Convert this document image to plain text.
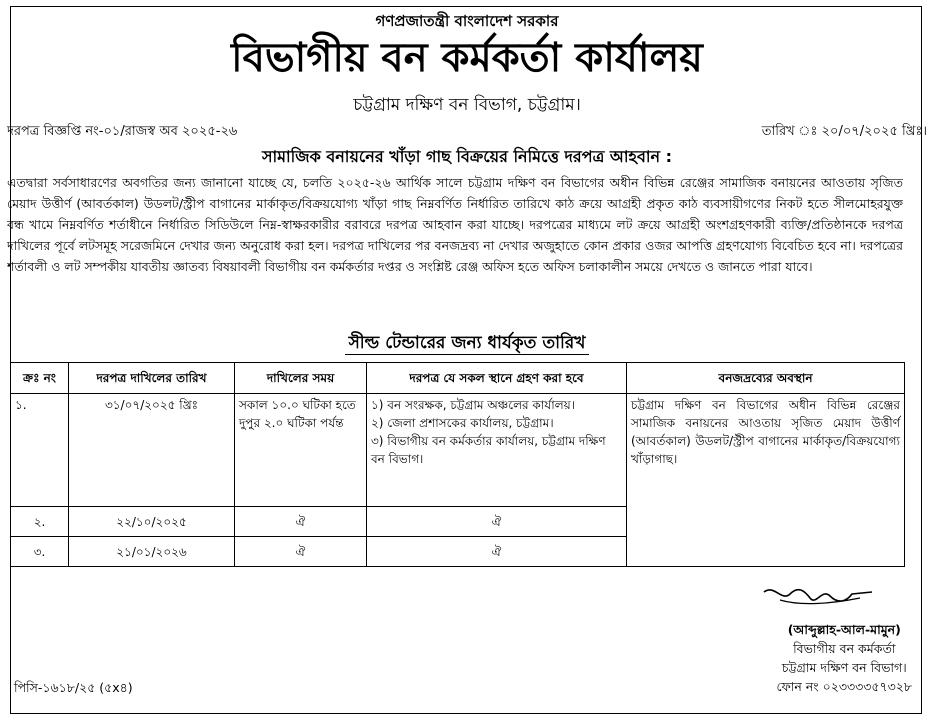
গণপ্রজাতন্ত্রী বাংলাদেশ সরকার
বিভাগীয় বন কর্মকর্তা কার্যালয়
চট্টগ্রাম দক্ষিণ বন বিভাগ, চট্টগ্রাম।
দরপত্র বিজ্ঞপ্তি নং-০১/রাজস্ব অব ২০২৫-২৬	তারিখ ঃ ২০/০৭/২০২৫ খ্রিঃ।
সামাজিক বনায়নের খাঁড়া গাছ বিক্রয়ের নিমিত্তে দরপত্র আহবান :
এতদ্বারা সর্বসাধারণের অবগতির জন্য জানানো যাচ্ছে যে, চলতি ২০২৫-২৬ আর্থিক সালে চট্টগ্রাম দক্ষিণ বন বিভাগের অধীন বিভিন্ন রেঞ্জের সামাজিক বনায়নের আওতায় সৃজিত মেয়াদ উত্তীর্ণ (আবর্তকাল) উডলট/স্ট্রীপ বাগানের মার্কাকৃত/বিক্রয়যোগ্য খাঁড়া গাছ নিম্নবর্ণিত নির্ধারিত তারিখে কাঠ ক্রয়ে আগ্রহী প্রকৃত কাঠ ব্যবসায়ীগণের নিকট হতে সীলমোহরযুক্ত বন্ধ খামে নিম্নবর্ণিত শর্তাধীনে নির্ধারিত সিডিউলে নিম্ন-স্বাক্ষরকারীর বরাবরে দরপত্র আহবান করা যাচ্ছে। দরপত্রের মাধ্যমে লট ক্রয়ে আগ্রহী অংশগ্রহণকারী ব্যক্তি/প্রতিষ্ঠানকে দরপত্র দাখিলের পূর্বে লটসমূহ সরেজমিনে দেখার জন্য অনুরোধ করা হল। দরপত্র দাখিলের পর বনজদ্রব্য না দেখার অজুহাতে কোন প্রকার ওজর আপত্তি গ্রহণযোগ্য বিবেচিত হবে না। দরপত্রের শর্তাবলী ও লট সম্পকীয় যাবতীয় জ্ঞাতব্য বিষয়াবলী বিভাগীয় বন কর্মকর্তার দপ্তর ও সংশ্লিষ্ট রেঞ্জ অফিস হতে অফিস চলাকালীন সময়ে দেখতে ও জানতে পারা যাবে।
সীল্ড টেন্ডারের জন্য ধার্যকৃত তারিখ
ক্রঃ নং	দরপত্র দাখিলের তারিখ	দাখিলের সময়	দরপত্র যে সকল স্থানে গ্রহণ করা হবে	বনজদ্রব্যের অবস্থান
১.	৩১/০৭/২০২৫ খ্রিঃ	সকাল ১০.০ ঘটিকা হতে দুপুর ২.০ ঘটিকা পর্যন্ত	১) বন সংরক্ষক, চট্টগ্রাম অঞ্চলের কার্যালয়।
২) জেলা প্রশাসকের কার্যালয়, চট্টগ্রাম।
৩) বিভাগীয় বন কর্মকর্তার কার্যালয়, চট্টগ্রাম দক্ষিণ বন বিভাগ।	চট্টগ্রাম দক্ষিণ বন বিভাগের অধীন বিভিন্ন রেঞ্জের সামাজিক বনায়নের আওতায় সৃজিত মেয়াদ উত্তীর্ণ (আবর্তকাল) উডলট/স্ট্রীপ বাগানের মার্কাকৃত/বিক্রয়যোগ্য খাঁড়াগাছ।
২.	২২/১০/২০২৫	ঐ	ঐ	
৩.	২১/০১/২০২৬	ঐ	ঐ	
(আব্দুল্লাহ-আল-মামুন)
বিভাগীয় বন কর্মকর্তা
চট্টগ্রাম দক্ষিণ বন বিভাগ।
ফোন নং ০২৩৩৩৩৫৭৩২৮
পিসি-১৬১৮/২৫ (৫x৪)
